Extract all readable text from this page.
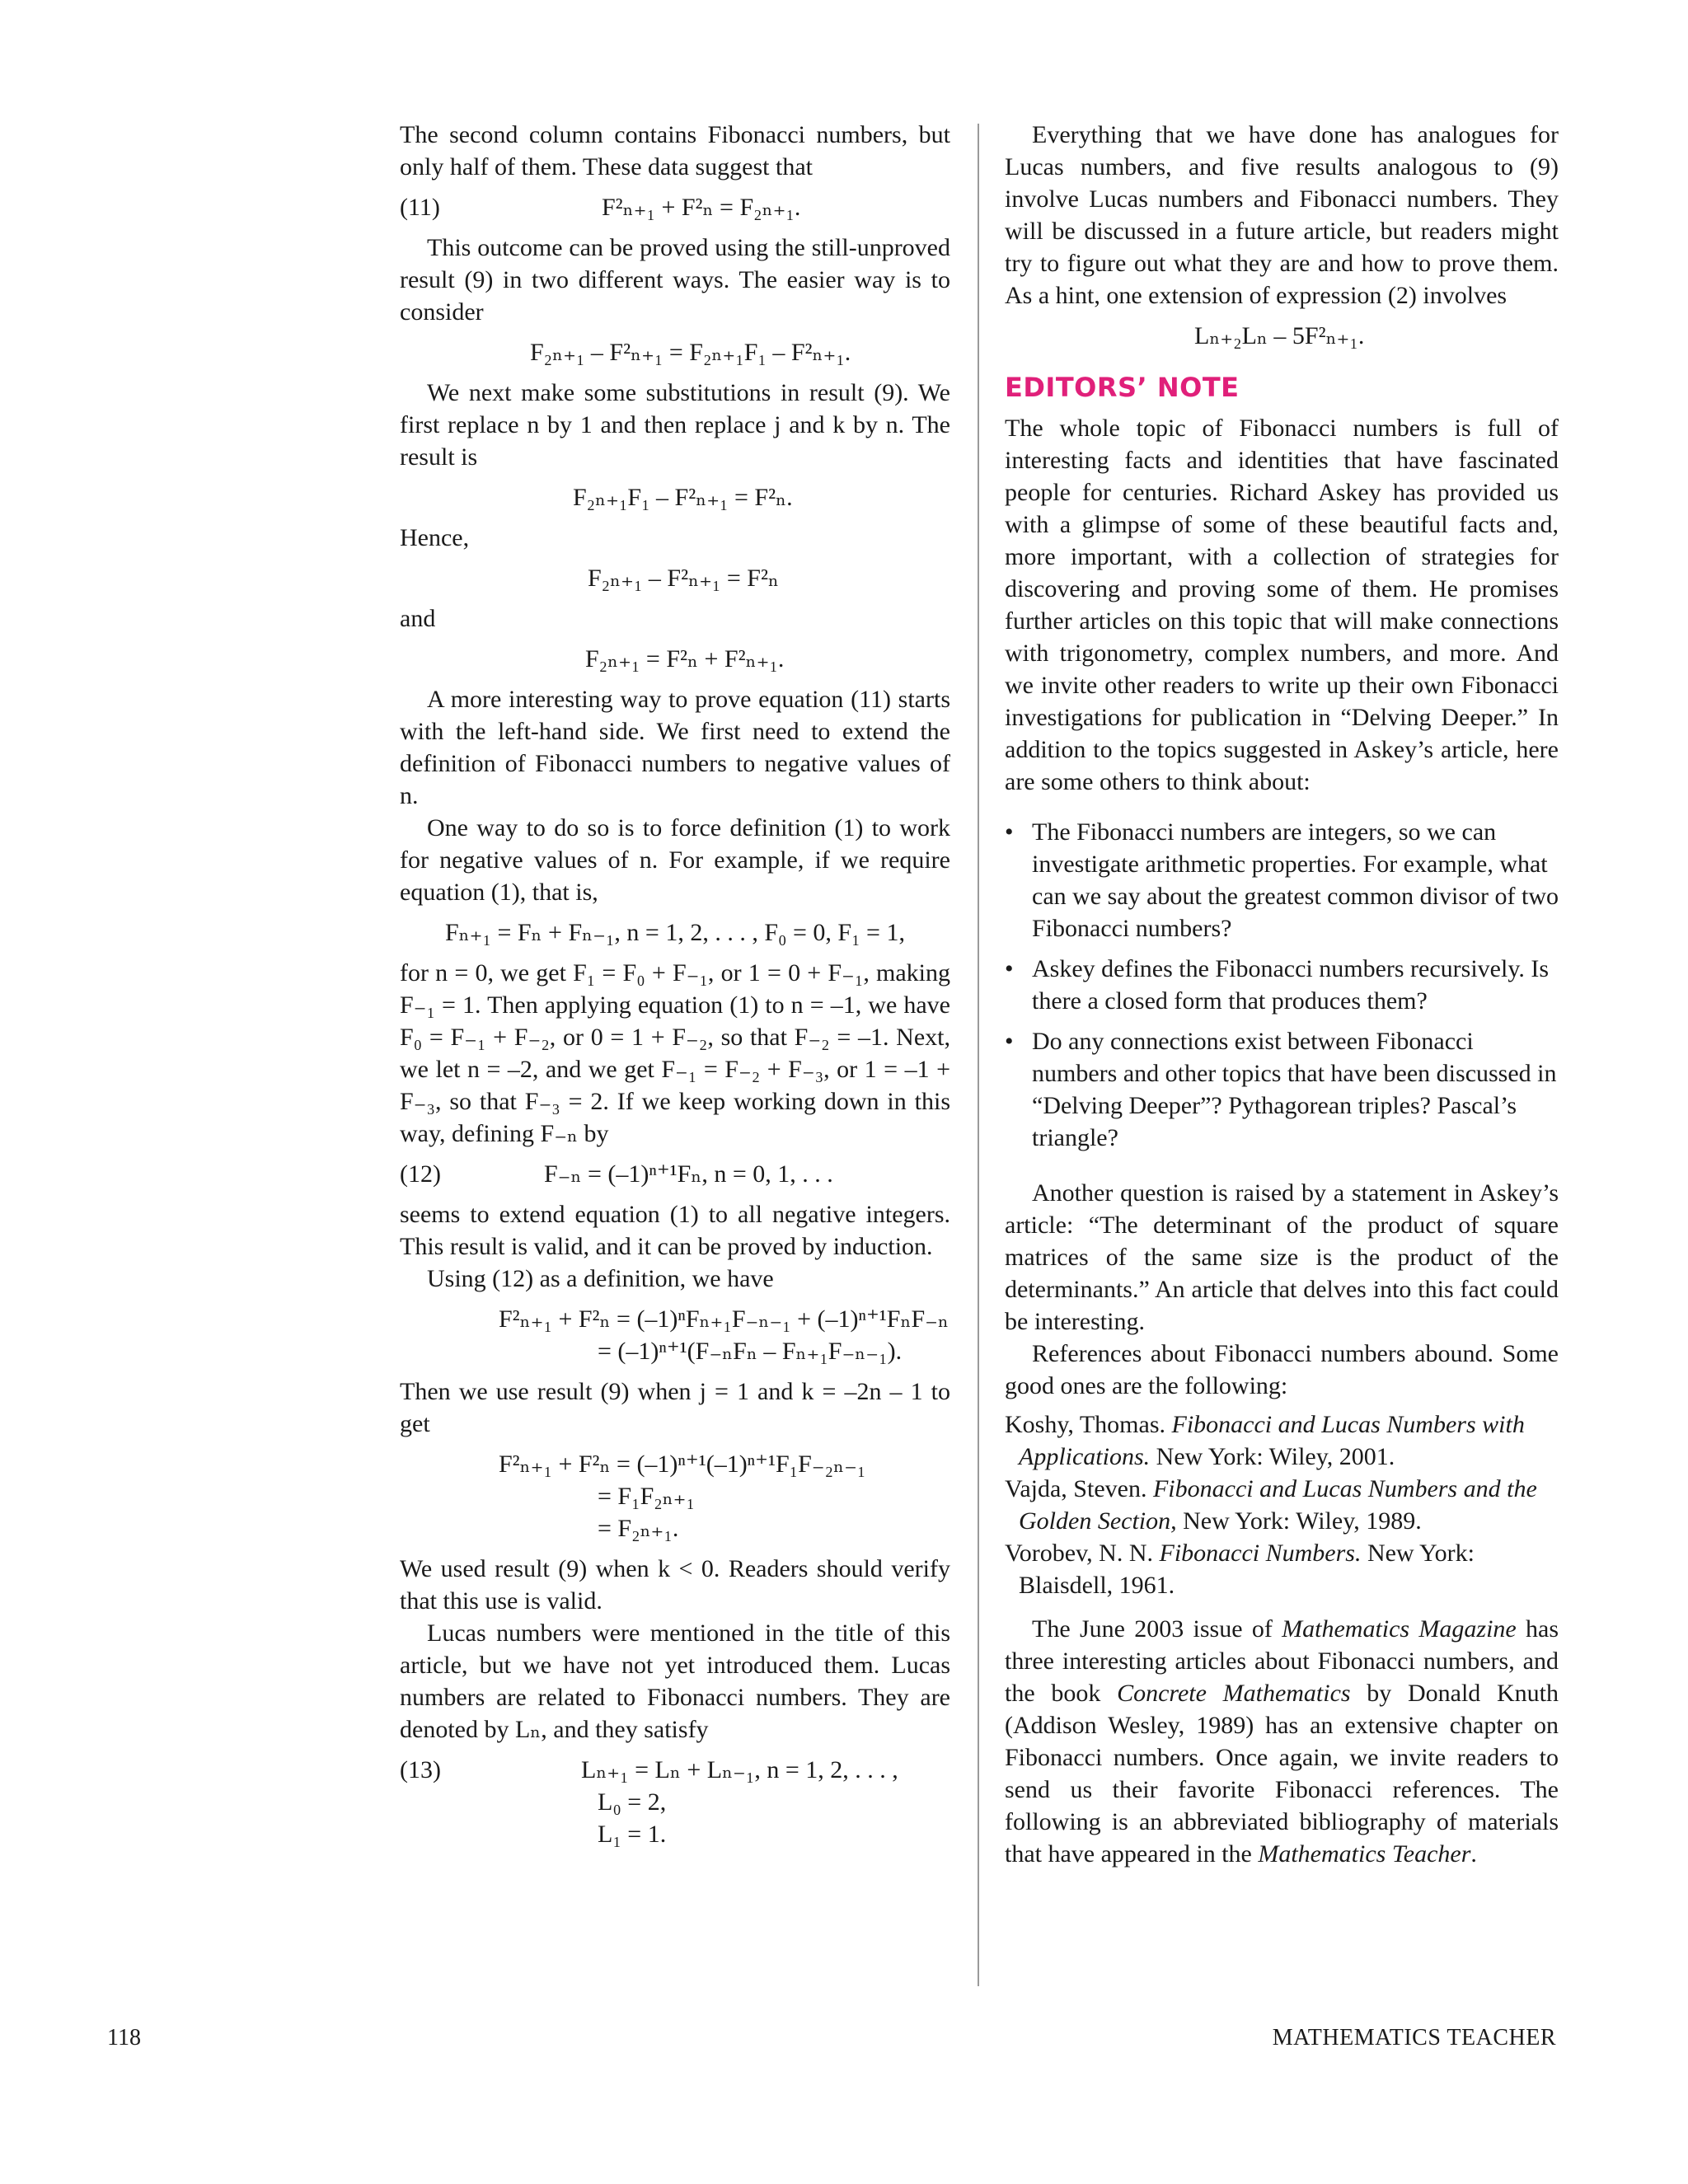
The second column contains Fibonacci numbers, but only half of them. These data suggest that

(11)	F²ₙ₊₁ + F²ₙ = F₂ₙ₊₁.

This outcome can be proved using the still-unproved result (9) in two different ways. The easier way is to consider

F₂ₙ₊₁ – F²ₙ₊₁ = F₂ₙ₊₁F₁ – F²ₙ₊₁.

We next make some substitutions in result (9). We first replace n by 1 and then replace j and k by n. The result is

F₂ₙ₊₁F₁ – F²ₙ₊₁ = F²ₙ.

Hence,

F₂ₙ₊₁ – F²ₙ₊₁ = F²ₙ

and

F₂ₙ₊₁ = F²ₙ + F²ₙ₊₁.

A more interesting way to prove equation (11) starts with the left-hand side. We first need to extend the definition of Fibonacci numbers to negative values of n.

One way to do so is to force definition (1) to work for negative values of n. For example, if we require equation (1), that is,

Fₙ₊₁ = Fₙ + Fₙ₋₁, n = 1, 2, . . . , F₀ = 0, F₁ = 1,

for n = 0, we get F₁ = F₀ + F₋₁, or 1 = 0 + F₋₁, making F₋₁ = 1. Then applying equation (1) to n = –1, we have F₀ = F₋₁ + F₋₂, or 0 = 1 + F₋₂, so that F₋₂ = –1. Next, we let n = –2, and we get F₋₁ = F₋₂ + F₋₃, or 1 = –1 + F₋₃, so that F₋₃ = 2. If we keep working down in this way, defining F₋ₙ by

(12)	F₋ₙ = (–1)ⁿ⁺¹Fₙ, n = 0, 1, . . .

seems to extend equation (1) to all negative integers. This result is valid, and it can be proved by induction.

Using (12) as a definition, we have

F²ₙ₊₁ + F²ₙ = (–1)ⁿFₙ₊₁F₋ₙ₋₁ + (–1)ⁿ⁺¹FₙF₋ₙ
= (–1)ⁿ⁺¹(F₋ₙFₙ – Fₙ₊₁F₋ₙ₋₁).

Then we use result (9) when j = 1 and k = –2n – 1 to get

F²ₙ₊₁ + F²ₙ = (–1)ⁿ⁺¹(–1)ⁿ⁺¹F₁F₋₂ₙ₋₁
= F₁F₂ₙ₊₁
= F₂ₙ₊₁.

We used result (9) when k < 0. Readers should verify that this use is valid.

Lucas numbers were mentioned in the title of this article, but we have not yet introduced them. Lucas numbers are related to Fibonacci numbers. They are denoted by Lₙ, and they satisfy

(13)	Lₙ₊₁ = Lₙ + Lₙ₋₁, n = 1, 2, . . . ,
L₀ = 2,
L₁ = 1.

Everything that we have done has analogues for Lucas numbers, and five results analogous to (9) involve Lucas numbers and Fibonacci numbers. They will be discussed in a future article, but readers might try to figure out what they are and how to prove them. As a hint, one extension of expression (2) involves

Lₙ₊₂Lₙ – 5F²ₙ₊₁.
EDITORS’ NOTE

The whole topic of Fibonacci numbers is full of interesting facts and identities that have fascinated people for centuries. Richard Askey has provided us with a glimpse of some of these beautiful facts and, more important, with a collection of strategies for discovering and proving some of them. He promises further articles on this topic that will make connections with trigonometry, complex numbers, and more. And we invite other readers to write up their own Fibonacci investigations for publication in “Delving Deeper.” In addition to the topics suggested in Askey’s article, here are some others to think about:

• The Fibonacci numbers are integers, so we can investigate arithmetic properties. For example, what can we say about the greatest common divisor of two Fibonacci numbers?
• Askey defines the Fibonacci numbers recursively. Is there a closed form that produces them?
• Do any connections exist between Fibonacci numbers and other topics that have been discussed in “Delving Deeper”? Pythagorean triples? Pascal’s triangle?

Another question is raised by a statement in Askey’s article: “The determinant of the product of square matrices of the same size is the product of the determinants.” An article that delves into this fact could be interesting.

References about Fibonacci numbers abound. Some good ones are the following:

Koshy, Thomas. Fibonacci and Lucas Numbers with Applications. New York: Wiley, 2001.

Vajda, Steven. Fibonacci and Lucas Numbers and the Golden Section, New York: Wiley, 1989.

Vorobev, N. N. Fibonacci Numbers. New York: Blaisdell, 1961.

The June 2003 issue of Mathematics Magazine has three interesting articles about Fibonacci numbers, and the book Concrete Mathematics by Donald Knuth (Addison Wesley, 1989) has an extensive chapter on Fibonacci numbers. Once again, we invite readers to send us their favorite Fibonacci references. The following is an abbreviated bibliography of materials that have appeared in the Mathematics Teacher.

118	MATHEMATICS TEACHER
